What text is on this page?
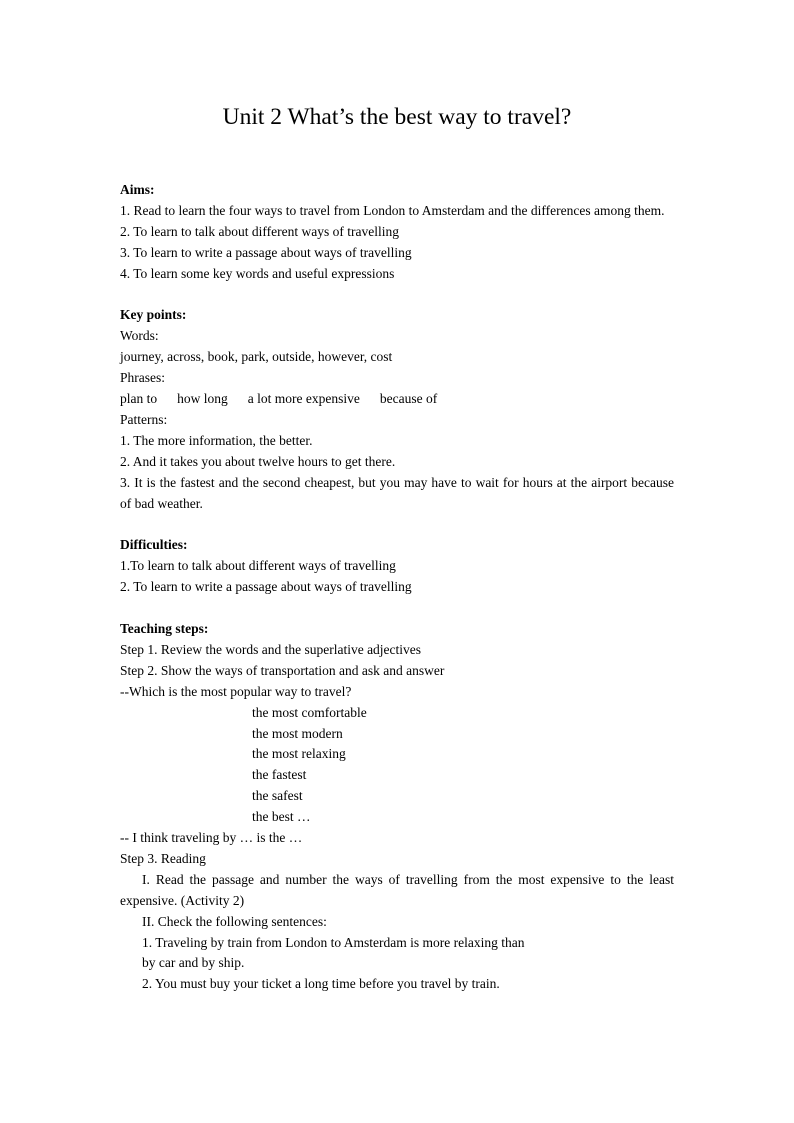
Unit 2 What’s the best way to travel?
Aims:
1. Read to learn the four ways to travel from London to Amsterdam and the differences among them.
2. To learn to talk about different ways of travelling
3. To learn to write a passage about ways of travelling
4. To learn some key words and useful expressions
Key points:
Words:
journey, across, book, park, outside, however, cost
Phrases:
plan to how long a lot more expensive because of
Patterns:
1. The more information, the better.
2. And it takes you about twelve hours to get there.
3. It is the fastest and the second cheapest, but you may have to wait for hours at the airport because of bad weather.
Difficulties:
1.To learn to talk about different ways of travelling
2. To learn to write a passage about ways of travelling
Teaching steps:
Step 1. Review the words and the superlative adjectives
Step 2. Show the ways of transportation and ask and answer
--Which is the most popular way to travel?
the most comfortable
the most modern
the most relaxing
the fastest
the safest
the best …
-- I think traveling by … is the …
Step 3. Reading
I. Read the passage and number the ways of travelling from the most expensive to the least expensive. (Activity 2)
II. Check the following sentences:
1. Traveling by train from London to Amsterdam is more relaxing than
by car and by ship.
2. You must buy your ticket a long time before you travel by train.
